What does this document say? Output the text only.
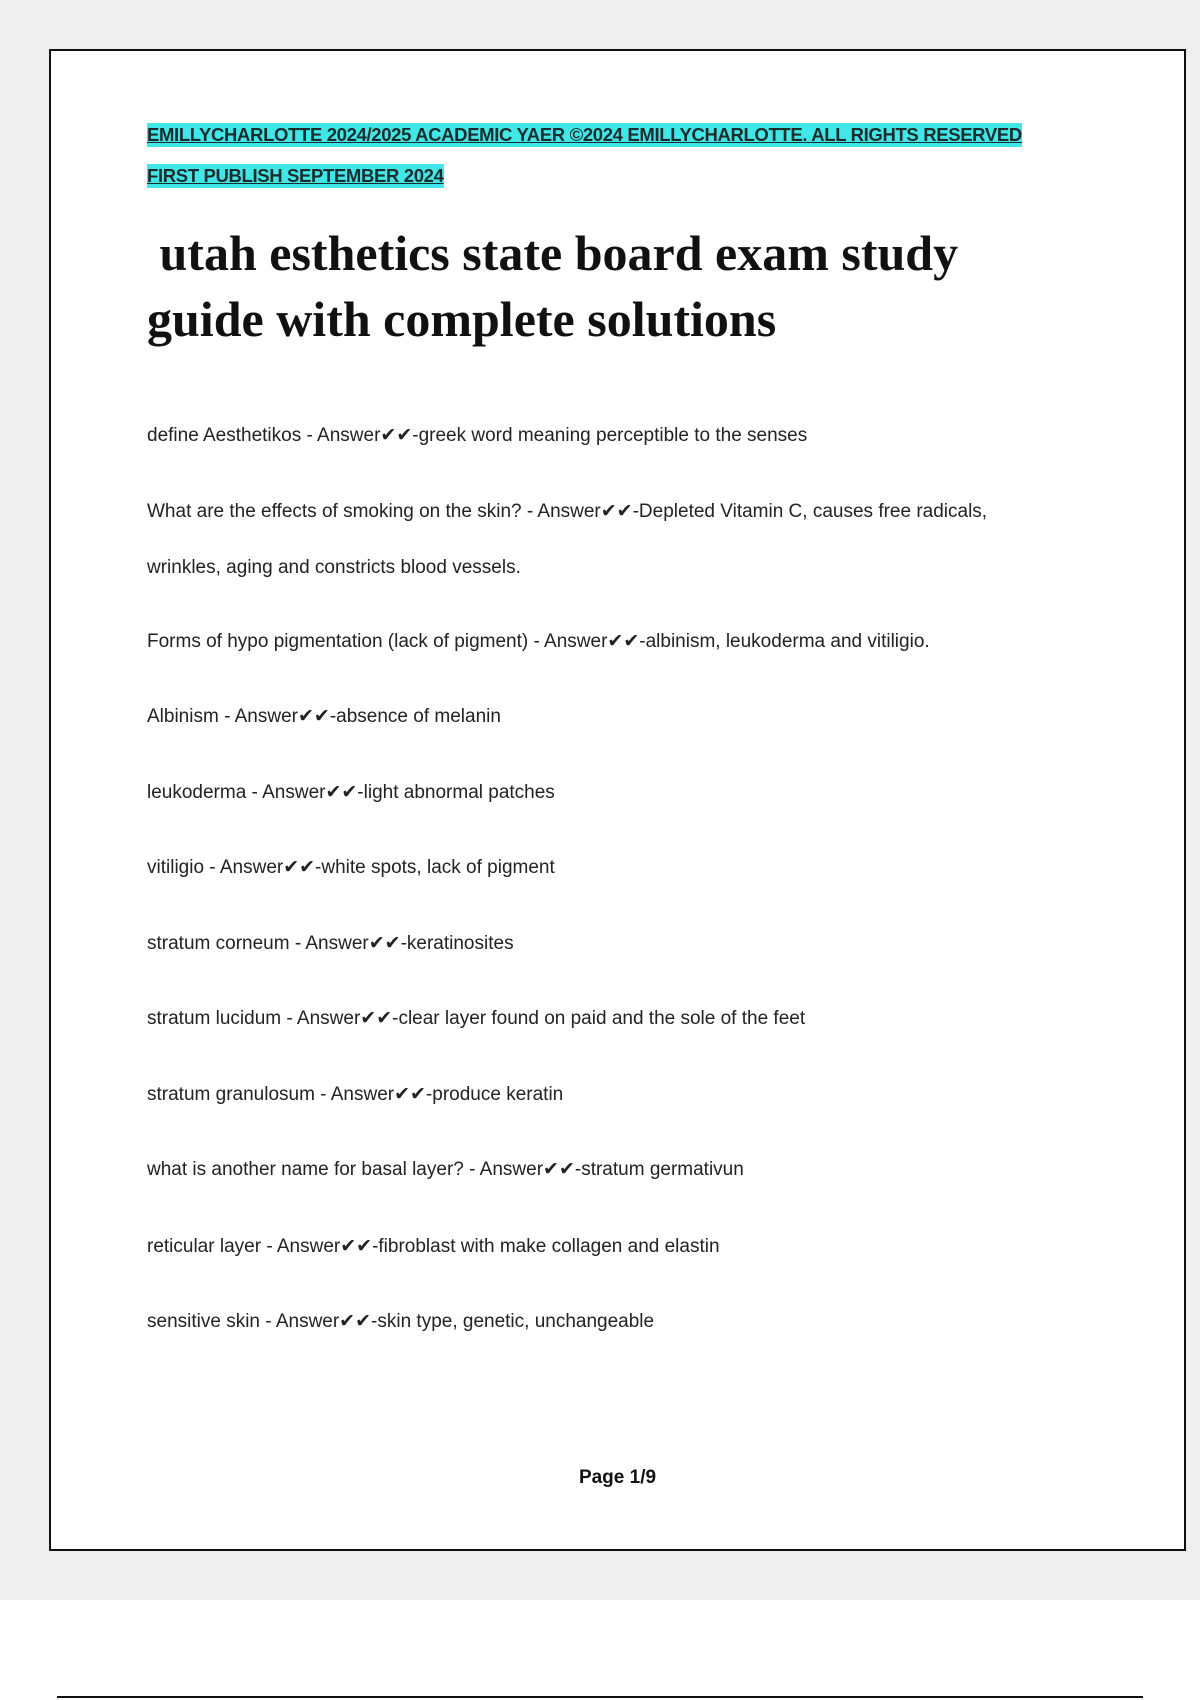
EMILLYCHARLOTTE 2024/2025 ACADEMIC YAER ©2024 EMILLYCHARLOTTE. ALL RIGHTS RESERVED
FIRST PUBLISH SEPTEMBER 2024
utah esthetics state board exam study
guide with complete solutions
define Aesthetikos - Answer✔✔-greek word meaning perceptible to the senses
What are the effects of smoking on the skin? - Answer✔✔-Depleted Vitamin C, causes free radicals,
wrinkles, aging and constricts blood vessels.
Forms of hypo pigmentation (lack of pigment) - Answer✔✔-albinism, leukoderma and vitiligio.
Albinism - Answer✔✔-absence of melanin
leukoderma - Answer✔✔-light abnormal patches
vitiligio - Answer✔✔-white spots, lack of pigment
stratum corneum - Answer✔✔-keratinosites
stratum lucidum - Answer✔✔-clear layer found on paid and the sole of the feet
stratum granulosum - Answer✔✔-produce keratin
what is another name for basal layer? - Answer✔✔-stratum germativun
reticular layer - Answer✔✔-fibroblast with make collagen and elastin
sensitive skin - Answer✔✔-skin type, genetic, unchangeable
Page 1/9
